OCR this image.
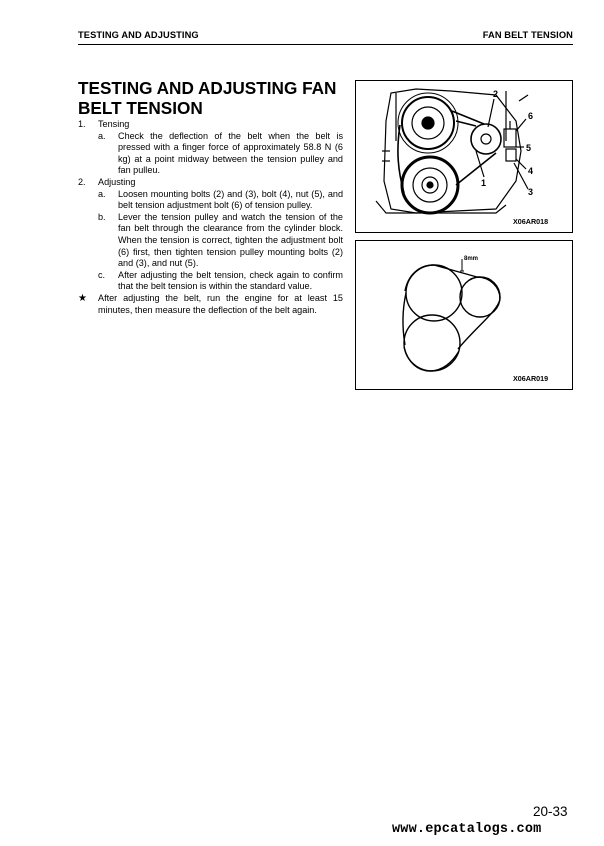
TESTING AND ADJUSTING	FAN BELT TENSION
TESTING AND ADJUSTING FAN
BELT TENSION
1.	Tensing
a. Check the deflection of the belt when the belt is pressed with a finger force of approximately 58.8 N (6 kg) at a point midway between the tension pulley and fan pulleu.
2.	Adjusting
a. Loosen mounting bolts (2) and (3), bolt (4), nut (5), and belt tension adjustment bolt (6) of tension pulley.
b. Lever the tension pulley and watch the tension of the fan belt through the clearance from the cylinder block. When the tension is correct, tighten the adjustment bolt (6) first, then tighten tension pulley mounting bolts (2) and (3), and nut (5).
c. After adjusting the belt tension, check again to confirm that the belt tension is within the standard value.
★ After adjusting the belt, run the engine for at least 15 minutes, then measure the deflection of the belt again.
1
2
3
4
5
6
X06AR018
8mm
X06AR019
20-33
www.epcatalogs.com
